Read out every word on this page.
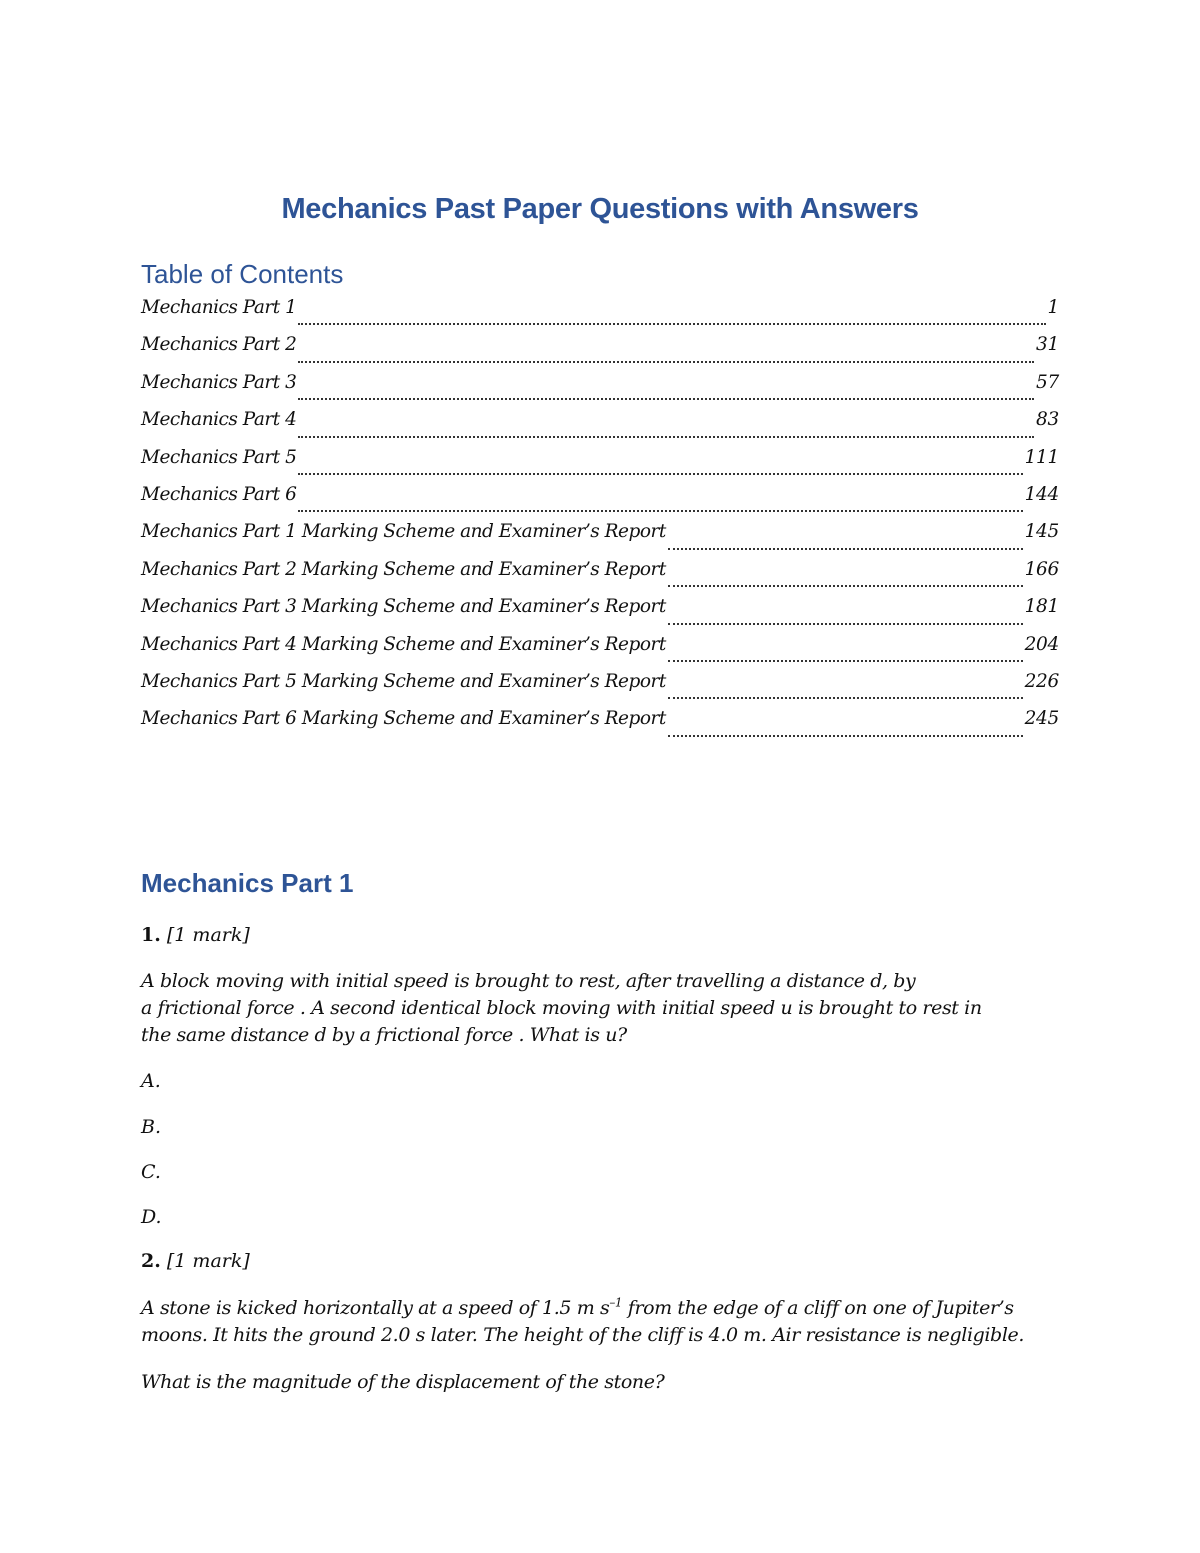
Mechanics Past Paper Questions with Answers
Table of Contents
Mechanics Part 1	1
Mechanics Part 2	31
Mechanics Part 3	57
Mechanics Part 4	83
Mechanics Part 5	111
Mechanics Part 6	144
Mechanics Part 1 Marking Scheme and Examiner’s Report	145
Mechanics Part 2 Marking Scheme and Examiner’s Report	166
Mechanics Part 3 Marking Scheme and Examiner’s Report	181
Mechanics Part 4 Marking Scheme and Examiner’s Report	204
Mechanics Part 5 Marking Scheme and Examiner’s Report	226
Mechanics Part 6 Marking Scheme and Examiner’s Report	245
Mechanics Part 1
1. [1 mark]

A block moving with initial speed is brought to rest, after travelling a distance d, by

a frictional force . A second identical block moving with initial speed u is brought to rest in

the same distance d by a frictional force . What is u?

A.
B.
C.
D.
2. [1 mark]

A stone is kicked horizontally at a speed of 1.5 m $s^{-1}$ from the edge of a cliff on one of Jupiter’s

moons. It hits the ground 2.0 s later. The height of the cliff is 4.0 m. Air resistance is negligible.

What is the magnitude of the displacement of the stone?
